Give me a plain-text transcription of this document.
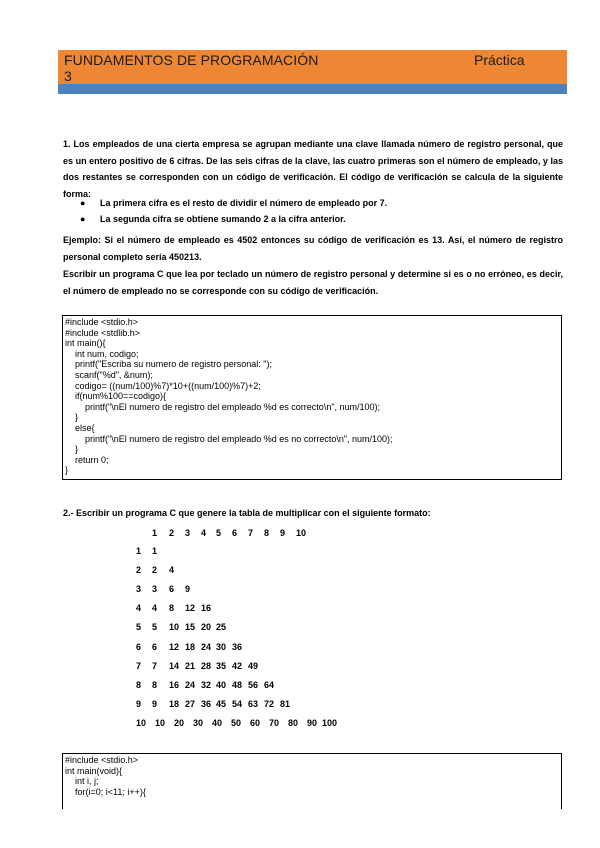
FUNDAMENTOS DE PROGRAMACIÓN	Práctica
3
1. Los empleados de una cierta empresa se agrupan mediante una clave llamada número de registro personal, que es un entero positivo de 6 cifras. De las seis cifras de la clave, las cuatro primeras son el número de empleado, y las dos restantes se corresponden con un código de verificación. El código de verificación se calcula de la siguiente forma:
● La primera cifra es el resto de dividir el número de empleado por 7.
● La segunda cifra se obtiene sumando 2 a la cifra anterior.
Ejemplo: Si el número de empleado es 4502 entonces su código de verificación es 13. Así, el número de registro personal completo sería 450213.
Escribir un programa C que lea por teclado un número de registro personal y determine si es o no erróneo, es decir, el número de empleado no se corresponde con su código de verificación.
#include <stdio.h>
#include <stdlib.h>
int main(){
int num, codigo;
printf("Escriba su numero de registro personal: ");
scanf("%d", &num);
codigo= ((num/100)%7)*10+((num/100)%7)+2;
if(num%100==codigo){
printf("\nEl numero de registro del empleado %d es correcto\n", num/100);
}
else{
printf("\nEl numero de registro del empleado %d es no correcto\n", num/100);
}
return 0;
}
2.- Escribir un programa C que genere la tabla de multiplicar con el siguiente formato:
1 2 3 4 5 6 7 8 9 10
1 1
2 2 4
3 3 6 9
4 4 8 12 16
5 5 10 15 20 25
6 6 12 18 24 30 36
7 7 14 21 28 35 42 49
8 8 16 24 32 40 48 56 64
9 9 18 27 36 45 54 63 72 81
10 10 20 30 40 50 60 70 80 90 100
#include <stdio.h>
int main(void){
int i, j;
for(i=0; i<11; i++){
